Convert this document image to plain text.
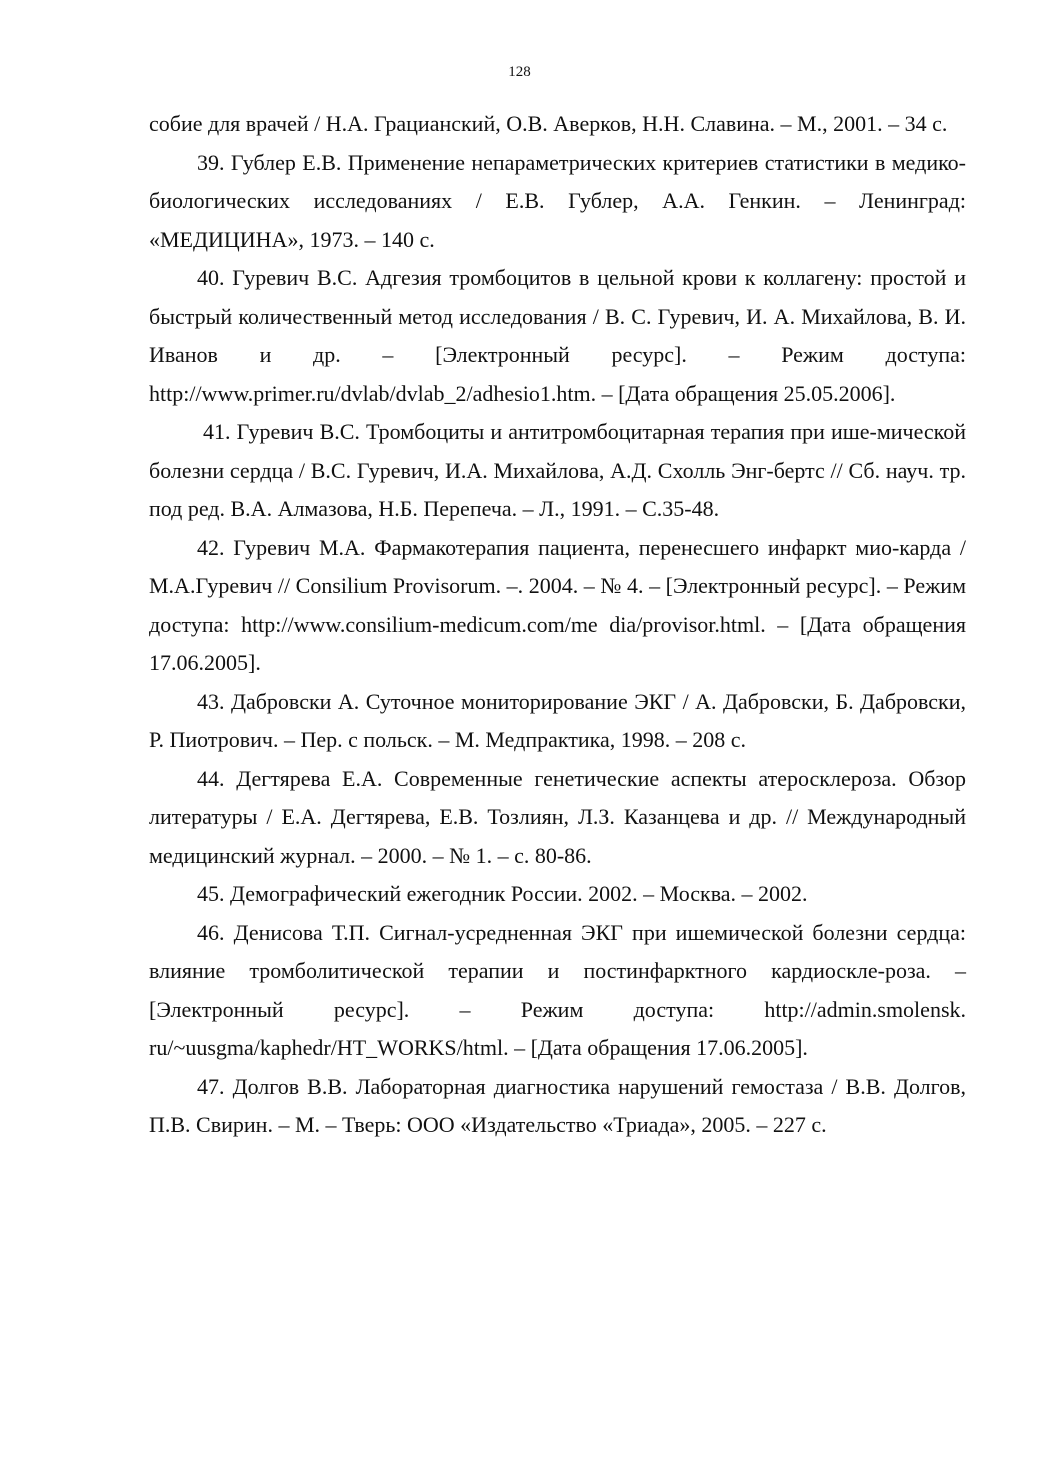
128

собие для врачей / Н.А. Грацианский, О.В. Аверков, Н.Н. Славина. – М., 2001. – 34 с.

39. Гублер Е.В. Применение непараметрических критериев статистики в медико-биологических исследованиях / Е.В. Гублер, А.А. Генкин. – Ленинград: «МЕДИЦИНА», 1973. – 140 с.

40. Гуревич В.С. Адгезия тромбоцитов в цельной крови к коллагену: простой и быстрый количественный метод исследования / В. С. Гуревич, И. А. Михайлова, В. И. Иванов и др. – [Электронный ресурс]. – Режим доступа: http://www.primer.ru/dvlab/dvlab_2/adhesio1.htm. – [Дата обращения 25.05.2006].

41. Гуревич В.С. Тромбоциты и антитромбоцитарная терапия при ише-мической болезни сердца / В.С. Гуревич, И.А. Михайлова, А.Д. Схолль Энг-бертс // Сб. науч. тр. под ред. В.А. Алмазова, Н.Б. Перепеча. – Л., 1991. – С.35-48.

42. Гуревич М.А. Фармакотерапия пациента, перенесшего инфаркт мио-карда / М.А.Гуревич // Consilium Provisorum. –. 2004. – № 4. – [Электронный ресурс]. – Режим доступа: http://www.consilium-medicum.com/me dia/provisor.html. – [Дата обращения 17.06.2005].

43. Дабровски А. Суточное мониторирование ЭКГ / А. Дабровски, Б. Дабровски, Р. Пиотрович. – Пер. с польск. – М. Медпрактика, 1998. – 208 с.

44. Дегтярева Е.А. Современные генетические аспекты атеросклероза. Обзор литературы / Е.А. Дегтярева, Е.В. Тозлиян, Л.З. Казанцева и др. // Международный медицинский журнал. – 2000. – № 1. – с. 80-86.

45. Демографический ежегодник России. 2002. – Москва. – 2002.

46. Денисова Т.П. Сигнал-усредненная ЭКГ при ишемической болезни сердца: влияние тромболитической терапии и постинфарктного кардиоскле-роза. – [Электронный ресурс]. – Режим доступа: http://admin.smolensk. ru/~uusgma/kaphedr/HT_WORKS/html. – [Дата обращения 17.06.2005].

47. Долгов В.В. Лабораторная диагностика нарушений гемостаза / В.В. Долгов, П.В. Свирин. – М. – Тверь: ООО «Издательство «Триада», 2005. – 227 с.
